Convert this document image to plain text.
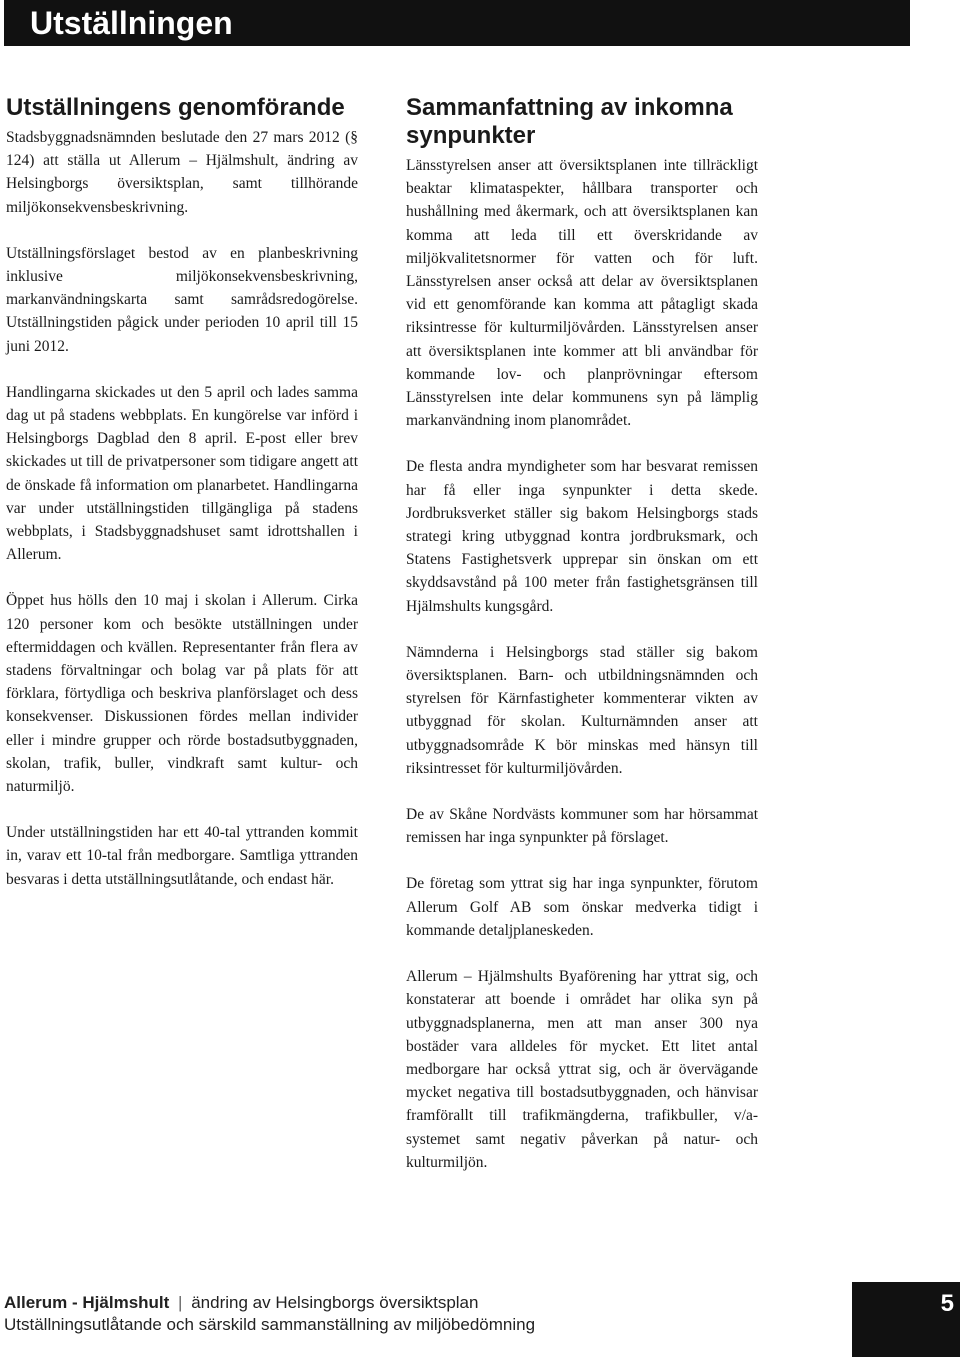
Utställningen
Utställningens genomförande

Stadsbyggnadsnämnden beslutade den 27 mars 2012 (§ 124) att ställa ut Allerum – Hjälmshult, ändring av Helsingborgs översiktsplan, samt tillhörande miljökonsekvensbeskrivning.

Utställningsförslaget bestod av en planbeskrivning inklusive miljökonsekvensbeskrivning, markanvändningskarta samt samrådsredogörelse. Utställningstiden pågick under perioden 10 april till 15 juni 2012.

Handlingarna skickades ut den 5 april och lades samma dag ut på stadens webbplats. En kungörelse var införd i Helsingborgs Dagblad den 8 april. E-post eller brev skickades ut till de privatpersoner som tidigare angett att de önskade få information om planarbetet. Handlingarna var under utställningstiden tillgängliga på stadens webbplats, i Stadsbyggnadshuset samt idrottshallen i Allerum.

Öppet hus hölls den 10 maj i skolan i Allerum. Cirka 120 personer kom och besökte utställningen under eftermiddagen och kvällen. Representanter från flera av stadens förvaltningar och bolag var på plats för att förklara, förtydliga och beskriva planförslaget och dess konsekvenser. Diskussionen fördes mellan individer eller i mindre grupper och rörde bostadsutbyggnaden, skolan, trafik, buller, vindkraft samt kultur- och naturmiljö.

Under utställningstiden har ett 40-tal yttranden kommit in, varav ett 10-tal från medborgare. Samtliga yttranden besvaras i detta utställningsutlåtande, och endast här.

Sammanfattning av inkomna synpunkter

Länsstyrelsen anser att översiktsplanen inte tillräckligt beaktar klimataspekter, hållbara transporter och hushållning med åkermark, och att översiktsplanen kan komma att leda till ett överskridande av miljökvalitetsnormer för vatten och för luft. Länsstyrelsen anser också att delar av översiktsplanen vid ett genomförande kan komma att påtagligt skada riksintresse för kulturmiljövården. Länsstyrelsen anser att översiktsplanen inte kommer att bli användbar för kommande lov- och planprövningar eftersom Länsstyrelsen inte delar kommunens syn på lämplig markanvändning inom planområdet.

De flesta andra myndigheter som har besvarat remissen har få eller inga synpunkter i detta skede. Jordbruksverket ställer sig bakom Helsingborgs stads strategi kring utbyggnad kontra jordbruksmark, och Statens Fastighetsverk upprepar sin önskan om ett skyddsavstånd på 100 meter från fastighetsgränsen till Hjälmshults kungsgård.

Nämnderna i Helsingborgs stad ställer sig bakom översiktsplanen. Barn- och utbildningsnämnden och styrelsen för Kärnfastigheter kommenterar vikten av utbyggnad för skolan. Kulturnämnden anser att utbyggnadsområde K bör minskas med hänsyn till riksintresset för kulturmiljövården.

De av Skåne Nordvästs kommuner som har hörsammat remissen har inga synpunkter på förslaget.

De företag som yttrat sig har inga synpunkter, förutom Allerum Golf AB som önskar medverka tidigt i kommande detaljplaneskeden.

Allerum – Hjälmshults Byaförening har yttrat sig, och konstaterar att boende i området har olika syn på utbyggnadsplanerna, men att man anser 300 nya bostäder vara alldeles för mycket. Ett litet antal medborgare har också yttrat sig, och är övervägande mycket negativa till bostadsutbyggnaden, och hänvisar framförallt till trafikmängderna, trafikbuller, v/a-systemet samt negativ påverkan på natur- och kulturmiljön.

Allerum - Hjälmshult | ändring av Helsingborgs översiktsplan
Utställningsutlåtande och särskild sammanställning av miljöbedömning
5
